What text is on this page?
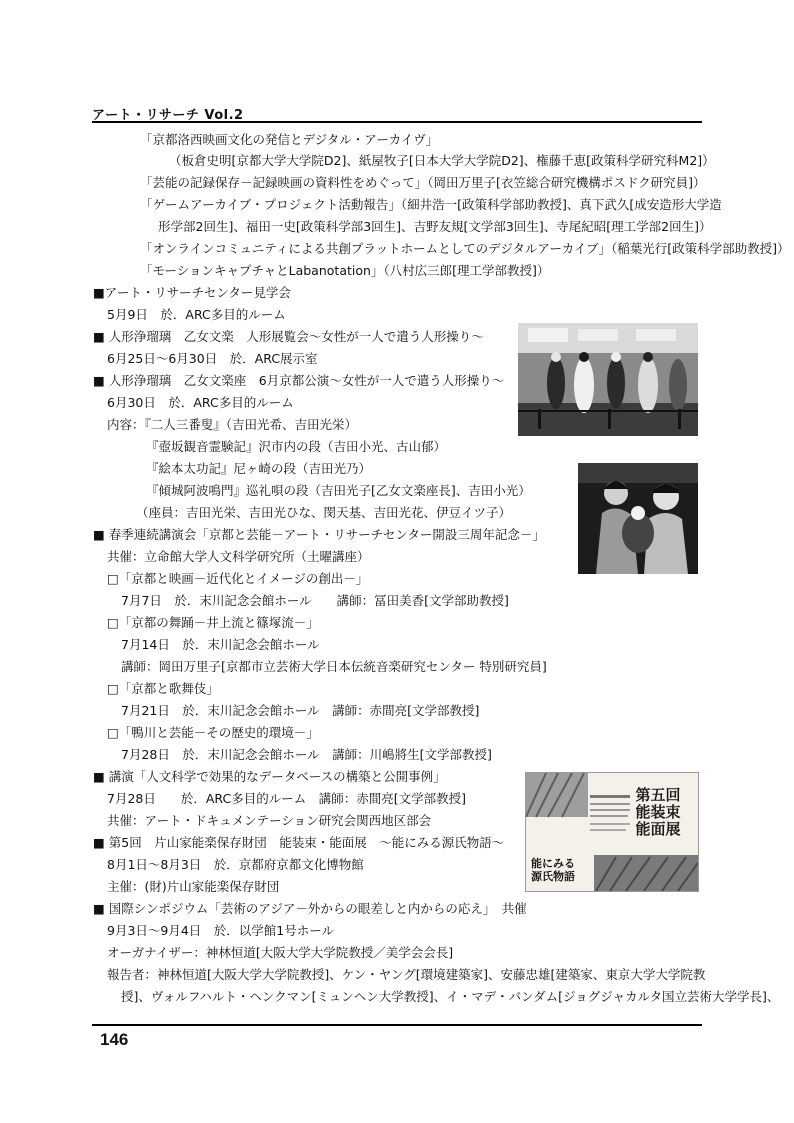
アート・リサーチ Vol.2
「京都洛西映画文化の発信とデジタル・アーカイヴ」
（板倉史明[京都大学大学院D2]、紙屋牧子[日本大学大学院D2]、権藤千恵[政策科学研究科M2]）
「芸能の記録保存－記録映画の資料性をめぐって」（岡田万里子[衣笠総合研究機構ポスドク研究員]）
「ゲームアーカイブ・プロジェクト活動報告」（細井浩一[政策科学部助教授]、真下武久[成安造形大学造
形学部2回生]、福田一史[政策科学部3回生]、吉野友規[文学部3回生]、寺尾紀昭[理工学部2回生]）
「オンラインコミュニティによる共創プラットホームとしてのデジタルアーカイブ」（稲葉光行[政策科学部助教授]）
「モーションキャプチャとLabanotation」（八村広三郎[理工学部教授]）
■アート・リサーチセンター見学会
5月9日　於．ARC多目的ルーム
■ 人形浄瑠璃　乙女文楽　人形展覧会～女性が一人で遣う人形操り～
6月25日～6月30日　於．ARC展示室
■ 人形浄瑠璃　乙女文楽座　6月京都公演～女性が一人で遣う人形操り～
6月30日　於．ARC多目的ルーム
内容：『二人三番叟』（吉田光希、吉田光栄）
『壺坂観音霊験記』沢市内の段（吉田小光、古山郁）
『絵本太功記』尼ヶ崎の段（吉田光乃）
『傾城阿波鳴門』巡礼唄の段（吉田光子[乙女文楽座長]、吉田小光）
（座員：吉田光栄、吉田光ひな、閔天基、吉田光花、伊豆イツ子）
■ 春季連続講演会「京都と芸能－アート・リサーチセンター開設三周年記念－」
共催：立命館大学人文科学研究所（土曜講座）
□「京都と映画－近代化とイメージの創出－」
7月7日　於．末川記念会館ホール　　講師：冨田美香[文学部助教授]
□「京都の舞踊－井上流と篠塚流－」
7月14日　於．末川記念会館ホール
講師：岡田万里子[京都市立芸術大学日本伝統音楽研究センター 特別研究員]
□「京都と歌舞伎」
7月21日　於．末川記念会館ホール　講師：赤間亮[文学部教授]
□「鴨川と芸能－その歴史的環境－」
7月28日　於．末川記念会館ホール　講師：川嶋將生[文学部教授]
■ 講演「人文科学で効果的なデータベースの構築と公開事例」
7月28日　　於．ARC多目的ルーム　講師：赤間亮[文学部教授]
共催：アート・ドキュメンテーション研究会関西地区部会
■ 第5回　片山家能楽保存財団　能装束・能面展　～能にみる源氏物語～
8月1日～8月3日　於．京都府京都文化博物館
主催：(財)片山家能楽保存財団
■ 国際シンポジウム「芸術のアジア－外からの眼差しと内からの応え」　共催
9月3日～9月4日　於．以学館1号ホール
オーガナイザー：神林恒道[大阪大学大学院教授／美学会会長]
報告者：神林恒道[大阪大学大学院教授]、ケン・ヤング[環境建築家]、安藤忠雄[建築家、東京大学大学院教
授]、ヴォルフハルト・ヘンクマン[ミュンヘン大学教授]、イ・マデ・バンダム[ジョグジャカルタ国立芸術大学学長]、
第五回
能装束
能面展
能にみる
源氏物語
146
